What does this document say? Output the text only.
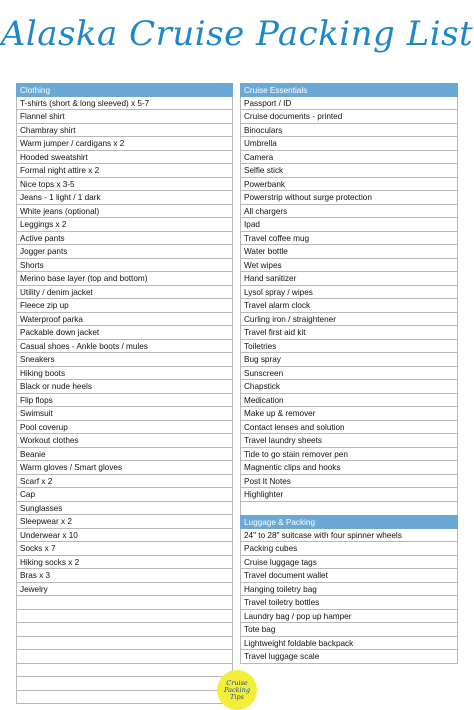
Alaska Cruise Packing List
Clothing
T-shirts (short & long sleeved) x 5-7
Flannel shirt
Chambray shirt
Warm jumper / cardigans x 2
Hooded sweatshirt
Formal night attire x 2
Nice tops x 3-5
Jeans - 1 light / 1 dark
White jeans (optional)
Leggings x 2
Active pants
Jogger pants
Shorts
Merino base layer (top and bottom)
Utility / denim jacket
Fleece zip up
Waterproof parka
Packable down jacket
Casual shoes - Ankle boots / mules
Sneakers
Hiking boots
Black or nude heels
Flip flops
Swimsuit
Pool coverup
Workout clothes
Beanie
Warm gloves / Smart gloves
Scarf x 2
Cap
Sunglasses
Sleepwear x 2
Underwear x 10
Socks x 7
Hiking socks x 2
Bras x 3
Jewelry
Cruise Essentials
Passport / ID
Cruise documents - printed
Binoculars
Umbrella
Camera
Selfie stick
Powerbank
Powerstrip without surge protection
All chargers
Ipad
Travel coffee mug
Water bottle
Wet wipes
Hand sanitizer
Lysol spray / wipes
Travel alarm clock
Curling iron / straightener
Travel first aid kit
Toiletries
Bug spray
Sunscreen
Chapstick
Medication
Make up & remover
Contact lenses and solution
Travel laundry sheets
Tide to go stain remover pen
Magnentic clips and hooks
Post It Notes
Highlighter
Luggage & Packing
24" to 28" suitcase with four spinner wheels
Packing cubes
Cruise luggage tags
Travel document wallet
Hanging toiletry bag
Travel toiletry bottles
Laundry bag / pop up hamper
Tote bag
Lightweight foldable backpack
Travel luggage scale
Cruise Packing Tips
